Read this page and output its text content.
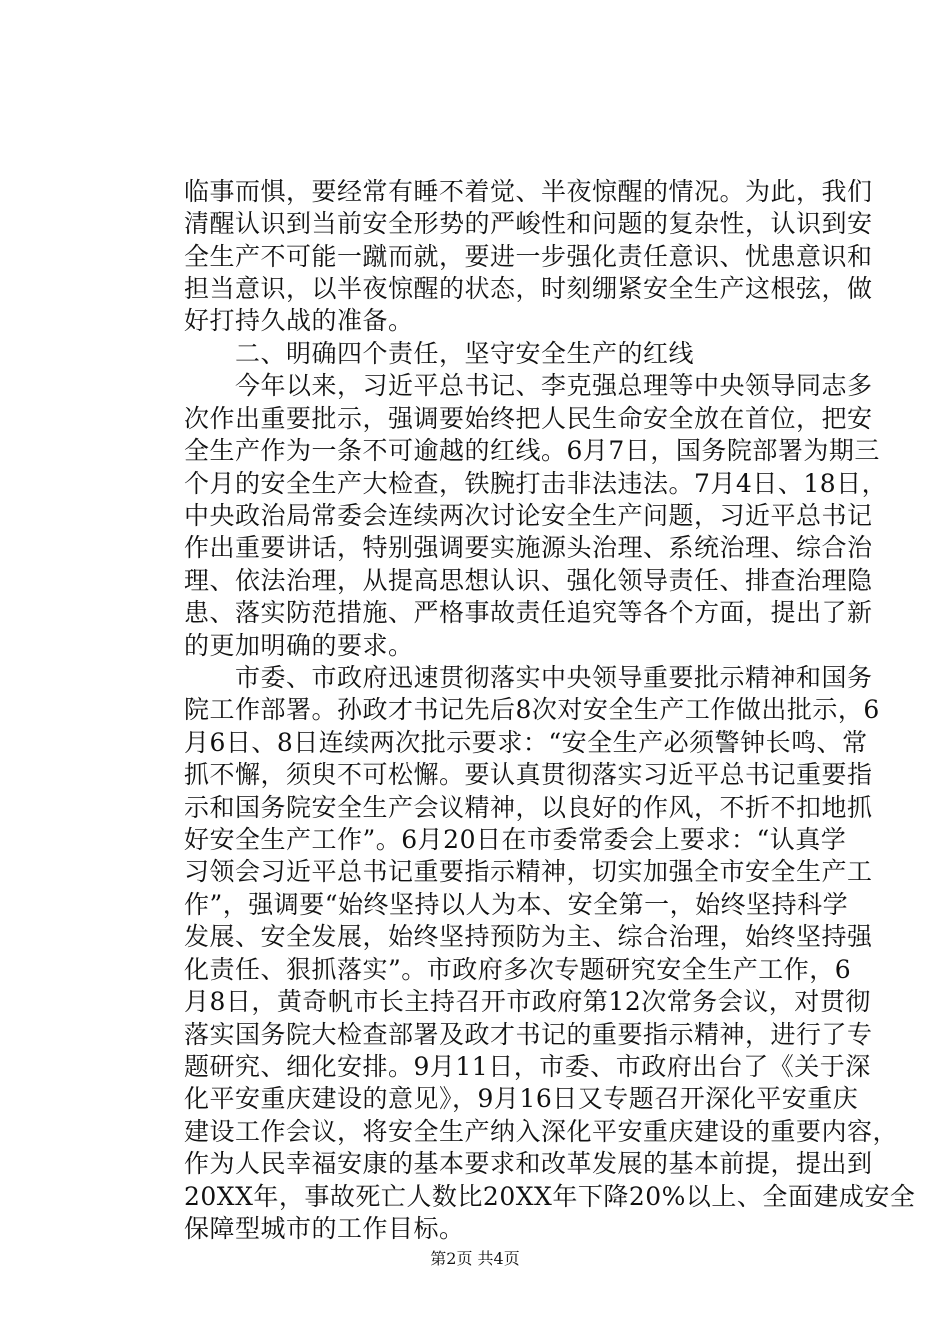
临事而惧，要经常有睡不着觉、半夜惊醒的情况。为此，我们
清醒认识到当前安全形势的严峻性和问题的复杂性，认识到安
全生产不可能一蹴而就，要进一步强化责任意识、忧患意识和
担当意识，以半夜惊醒的状态，时刻绷紧安全生产这根弦，做
好打持久战的准备。
二、明确四个责任，坚守安全生产的红线
今年以来，习近平总书记、李克强总理等中央领导同志多
次作出重要批示，强调要始终把人民生命安全放在首位，把安
全生产作为一条不可逾越的红线。6月7日，国务院部署为期三
个月的安全生产大检查，铁腕打击非法违法。7月4日、18日，
中央政治局常委会连续两次讨论安全生产问题，习近平总书记
作出重要讲话，特别强调要实施源头治理、系统治理、综合治
理、依法治理，从提高思想认识、强化领导责任、排查治理隐
患、落实防范措施、严格事故责任追究等各个方面，提出了新
的更加明确的要求。
市委、市政府迅速贯彻落实中央领导重要批示精神和国务
院工作部署。孙政才书记先后8次对安全生产工作做出批示，6
月6日、8日连续两次批示要求：“安全生产必须警钟长鸣、常
抓不懈，须臾不可松懈。要认真贯彻落实习近平总书记重要指
示和国务院安全生产会议精神，以良好的作风，不折不扣地抓
好安全生产工作”。6月20日在市委常委会上要求：“认真学
习领会习近平总书记重要指示精神，切实加强全市安全生产工
作”，强调要“始终坚持以人为本、安全第一，始终坚持科学
发展、安全发展，始终坚持预防为主、综合治理，始终坚持强
化责任、狠抓落实”。市政府多次专题研究安全生产工作，6
月8日，黄奇帆市长主持召开市政府第12次常务会议，对贯彻
落实国务院大检查部署及政才书记的重要指示精神，进行了专
题研究、细化安排。9月11日，市委、市政府出台了《关于深
化平安重庆建设的意见》，9月16日又专题召开深化平安重庆
建设工作会议，将安全生产纳入深化平安重庆建设的重要内容，
作为人民幸福安康的基本要求和改革发展的基本前提，提出到
20XX年，事故死亡人数比20XX年下降20%以上、全面建成安全
保障型城市的工作目标。
第2页 共4页
